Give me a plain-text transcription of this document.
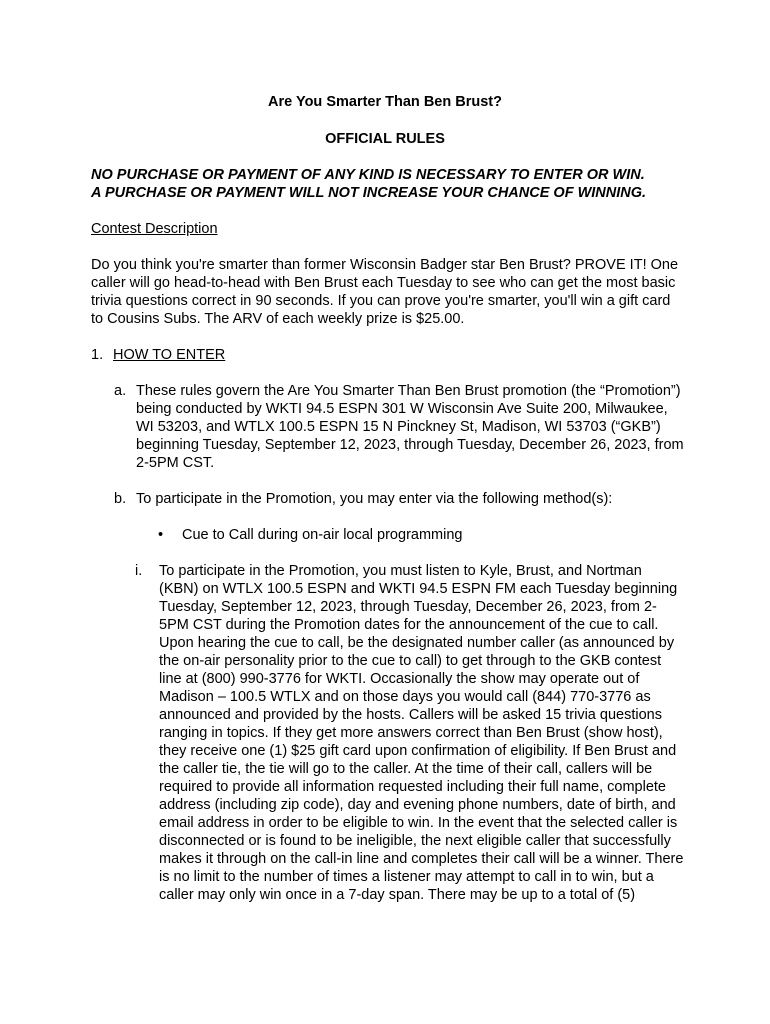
Are You Smarter Than Ben Brust?
OFFICIAL RULES
NO PURCHASE OR PAYMENT OF ANY KIND IS NECESSARY TO ENTER OR WIN.
A PURCHASE OR PAYMENT WILL NOT INCREASE YOUR CHANCE OF WINNING.
Contest Description
Do you think you're smarter than former Wisconsin Badger star Ben Brust? PROVE IT! One caller will go head-to-head with Ben Brust each Tuesday to see who can get the most basic trivia questions correct in 90 seconds. If you can prove you're smarter, you'll win a gift card to Cousins Subs. The ARV of each weekly prize is $25.00.
1. HOW TO ENTER
a. These rules govern the Are You Smarter Than Ben Brust promotion (the “Promotion”) being conducted by WKTI 94.5 ESPN 301 W Wisconsin Ave Suite 200, Milwaukee, WI 53203, and WTLX 100.5 ESPN 15 N Pinckney St, Madison, WI 53703 (“GKB”) beginning Tuesday, September 12, 2023, through Tuesday, December 26, 2023, from 2-5PM CST.
b. To participate in the Promotion, you may enter via the following method(s):
• Cue to Call during on-air local programming
i. To participate in the Promotion, you must listen to Kyle, Brust, and Nortman (KBN) on WTLX 100.5 ESPN and WKTI 94.5 ESPN FM each Tuesday beginning Tuesday, September 12, 2023, through Tuesday, December 26, 2023, from 2-5PM CST during the Promotion dates for the announcement of the cue to call. Upon hearing the cue to call, be the designated number caller (as announced by the on-air personality prior to the cue to call) to get through to the GKB contest line at (800) 990-3776 for WKTI. Occasionally the show may operate out of Madison – 100.5 WTLX and on those days you would call (844) 770-3776 as announced and provided by the hosts. Callers will be asked 15 trivia questions ranging in topics. If they get more answers correct than Ben Brust (show host), they receive one (1) $25 gift card upon confirmation of eligibility. If Ben Brust and the caller tie, the tie will go to the caller. At the time of their call, callers will be required to provide all information requested including their full name, complete address (including zip code), day and evening phone numbers, date of birth, and email address in order to be eligible to win. In the event that the selected caller is disconnected or is found to be ineligible, the next eligible caller that successfully makes it through on the call-in line and completes their call will be a winner. There is no limit to the number of times a listener may attempt to call in to win, but a caller may only win once in a 7-day span. There may be up to a total of (5)
